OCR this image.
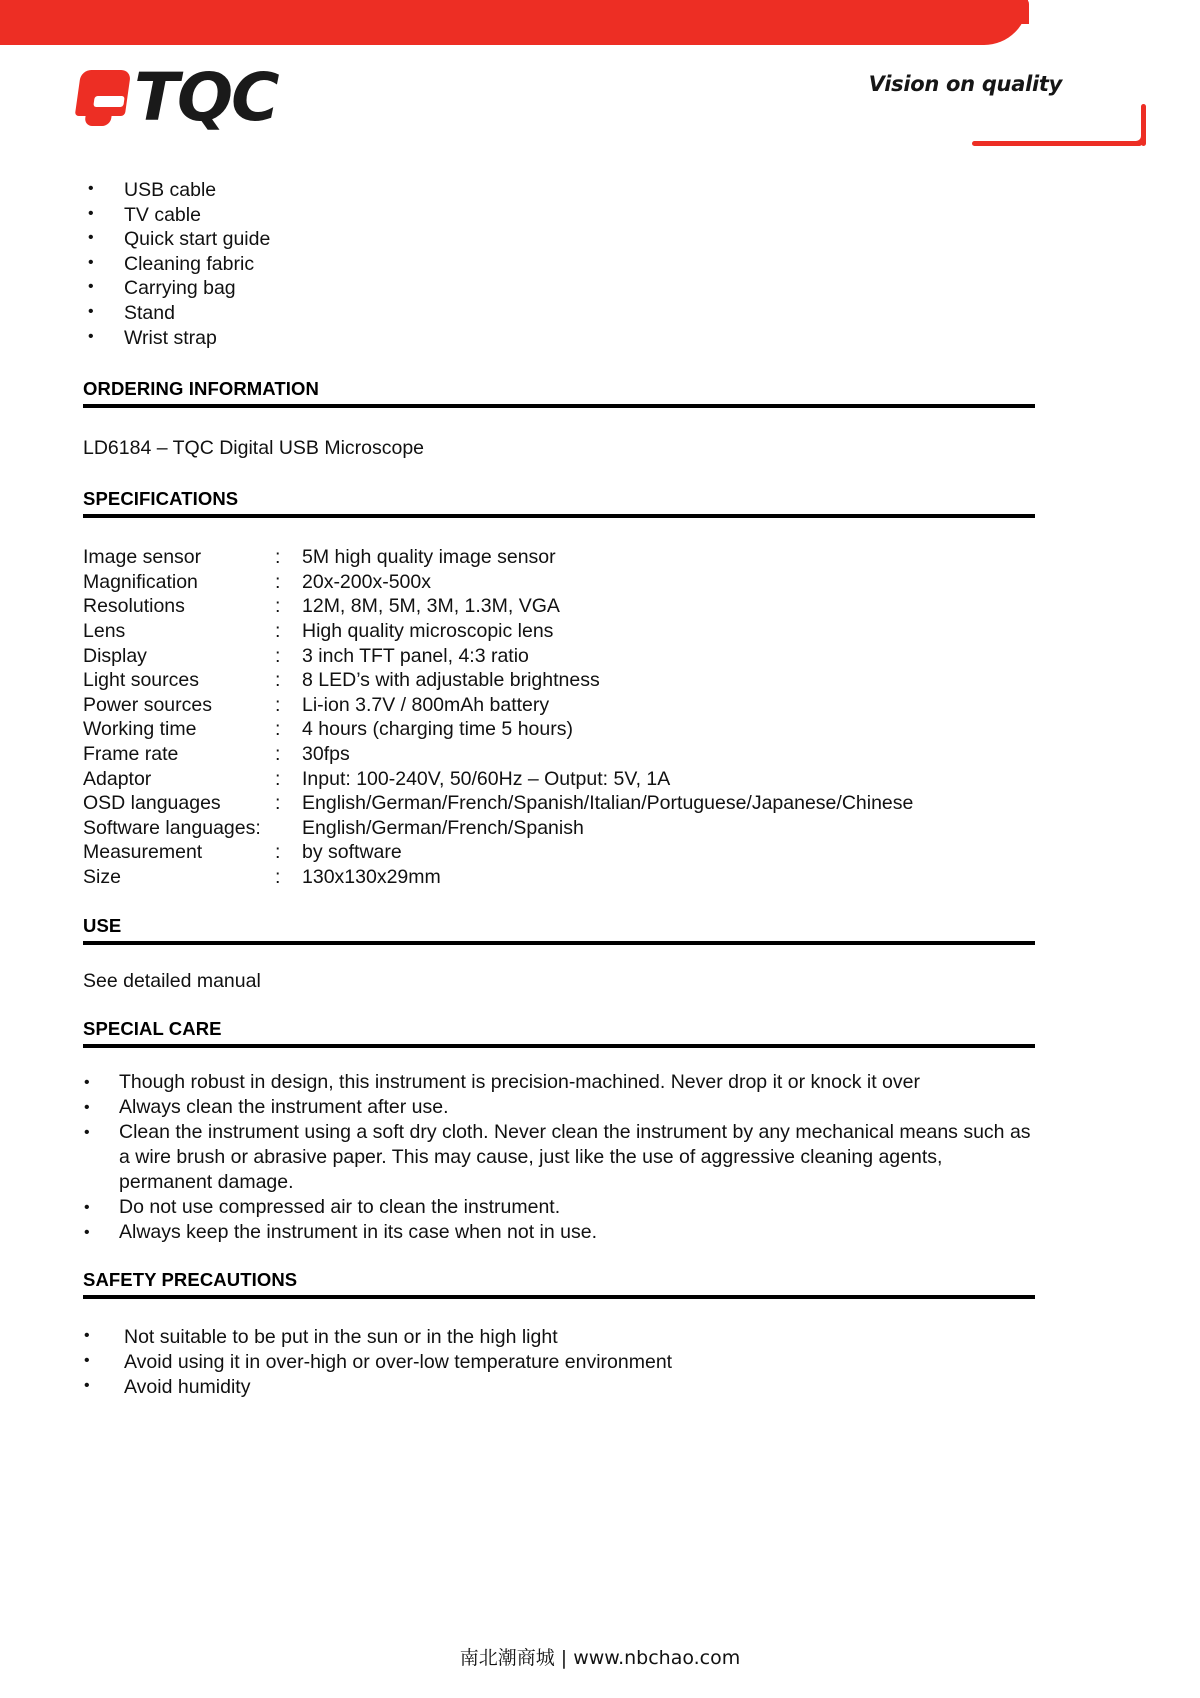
TQC	Vision on quality
• USB cable
• TV cable
• Quick start guide
• Cleaning fabric
• Carrying bag
• Stand
• Wrist strap
ORDERING INFORMATION
LD6184 – TQC Digital USB Microscope
SPECIFICATIONS
Image sensor	:	5M high quality image sensor
Magnification	:	20x-200x-500x
Resolutions	:	12M, 8M, 5M, 3M, 1.3M, VGA
Lens	:	High quality microscopic lens
Display	:	3 inch TFT panel, 4:3 ratio
Light sources	:	8 LED’s with adjustable brightness
Power sources	:	Li-ion 3.7V / 800mAh battery
Working time	:	4 hours (charging time 5 hours)
Frame rate	:	30fps
Adaptor	:	Input: 100-240V, 50/60Hz – Output: 5V, 1A
OSD languages	:	English/German/French/Spanish/Italian/Portuguese/Japanese/Chinese
Software languages:		English/German/French/Spanish
Measurement	:	by software
Size	:	130x130x29mm
USE
See detailed manual
SPECIAL CARE
• Though robust in design, this instrument is precision-machined. Never drop it or knock it over
• Always clean the instrument after use.
• Clean the instrument using a soft dry cloth. Never clean the instrument by any mechanical means such as a wire brush or abrasive paper. This may cause, just like the use of aggressive cleaning agents, permanent damage.
• Do not use compressed air to clean the instrument.
• Always keep the instrument in its case when not in use.
SAFETY PRECAUTIONS
• Not suitable to be put in the sun or in the high light
• Avoid using it in over-high or over-low temperature environment
• Avoid humidity
南北潮商城 | www.nbchao.com
